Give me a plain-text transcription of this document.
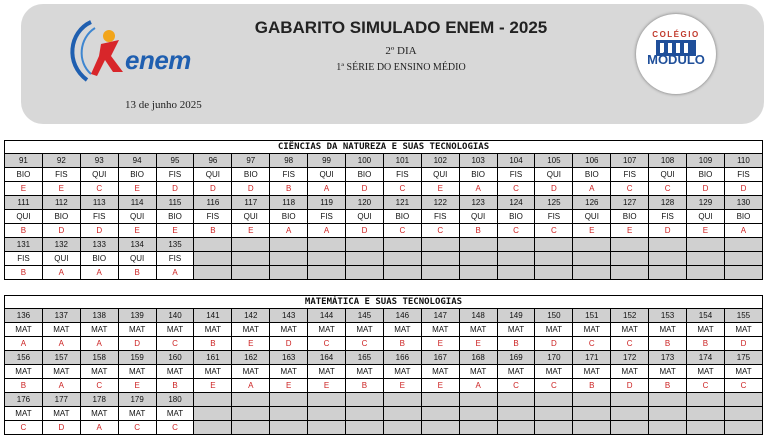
enem
13 de junho 2025
GABARITO SIMULADO ENEM - 2025
2º DIA
1ª SÉRIE DO ENSINO MÉDIO
COLÉGIO
MÓDULO
CIÊNCIAS DA NATUREZA E SUAS TECNOLOGIAS
91	92	93	94	95	96	97	98	99	100	101	102	103	104	105	106	107	108	109	110
BIO	FIS	QUI	BIO	FIS	QUI	BIO	FIS	QUI	BIO	FIS	QUI	BIO	FIS	QUI	BIO	FIS	QUI	BIO	FIS
E	E	C	E	D	D	D	B	A	D	C	E	A	C	D	A	C	C	D	D
111	112	113	114	115	116	117	118	119	120	121	122	123	124	125	126	127	128	129	130
QUI	BIO	FIS	QUI	BIO	FIS	QUI	BIO	FIS	QUI	BIO	FIS	QUI	BIO	FIS	QUI	BIO	FIS	QUI	BIO
B	D	D	E	E	B	E	A	A	D	C	C	B	C	C	E	E	D	E	A
131	132	133	134	135															
FIS	QUI	BIO	QUI	FIS															
B	A	A	B	A															
MATEMÁTICA E SUAS TECNOLOGIAS
136	137	138	139	140	141	142	143	144	145	146	147	148	149	150	151	152	153	154	155
MAT	MAT	MAT	MAT	MAT	MAT	MAT	MAT	MAT	MAT	MAT	MAT	MAT	MAT	MAT	MAT	MAT	MAT	MAT	MAT
A	A	A	D	C	B	E	D	C	C	B	E	E	B	D	C	C	B	B	D
156	157	158	159	160	161	162	163	164	165	166	167	168	169	170	171	172	173	174	175
MAT	MAT	MAT	MAT	MAT	MAT	MAT	MAT	MAT	MAT	MAT	MAT	MAT	MAT	MAT	MAT	MAT	MAT	MAT	MAT
B	A	C	E	B	E	A	E	E	B	E	E	A	C	C	B	D	B	C	C
176	177	178	179	180															
MAT	MAT	MAT	MAT	MAT															
C	D	A	C	C															
